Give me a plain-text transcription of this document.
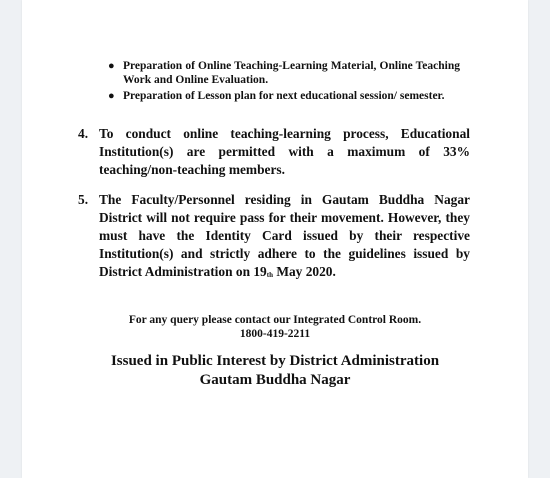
● Preparation of Online Teaching-Learning Material, Online Teaching Work and Online Evaluation.
● Preparation of Lesson plan for next educational session/ semester.
4. To conduct online teaching-learning process, Educational Institution(s) are permitted with a maximum of 33% teaching/non-teaching members.
5. The Faculty/Personnel residing in Gautam Buddha Nagar District will not require pass for their movement. However, they must have the Identity Card issued by their respective Institution(s) and strictly adhere to the guidelines issued by District Administration on $19_{th}$ May 2020.
For any query please contact our Integrated Control Room.
1800-419-2211
Issued in Public Interest by District Administration
Gautam Buddha Nagar
